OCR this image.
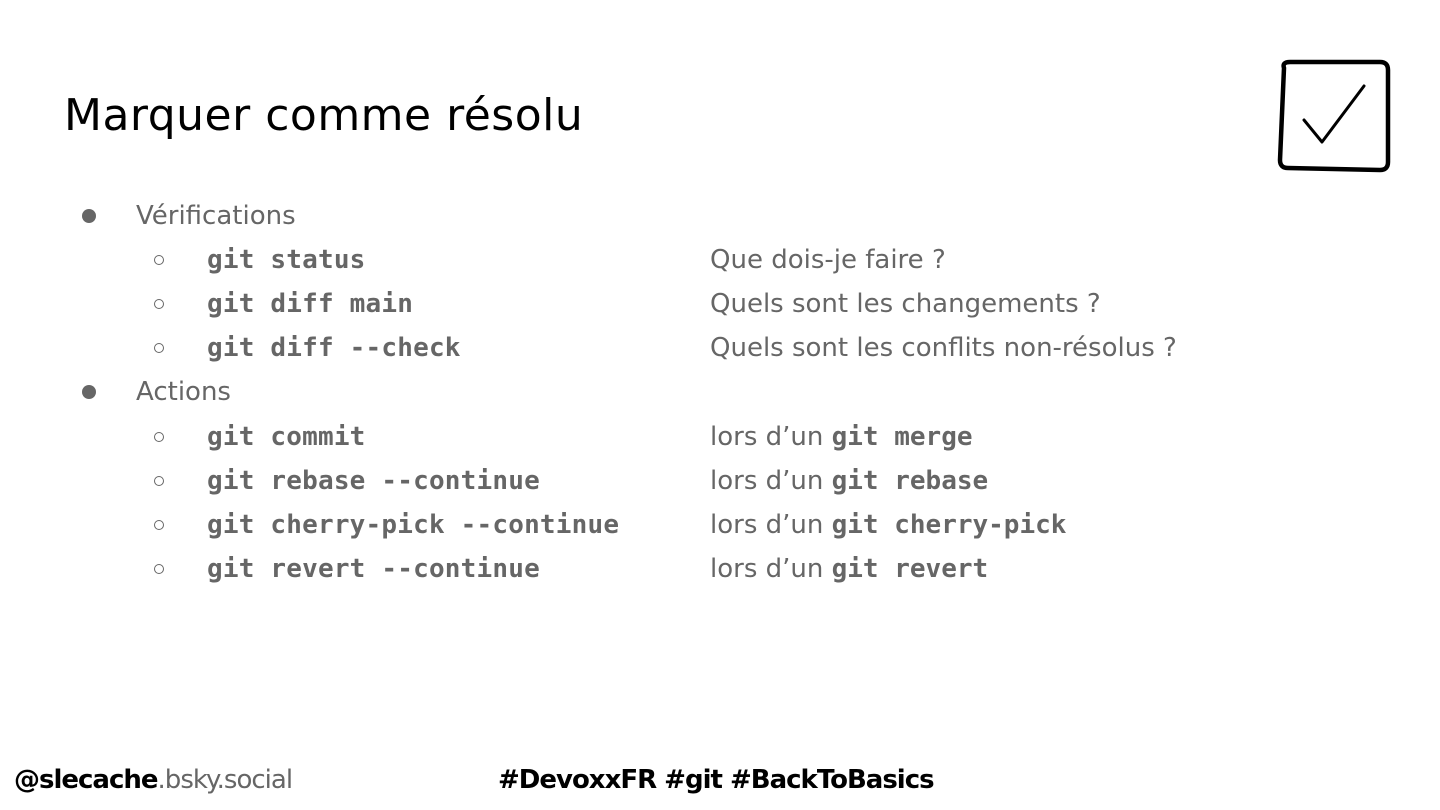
Marquer comme résolu
Vérifications
git status	Que dois-je faire ?
git diff main	Quels sont les changements ?
git diff --check	Quels sont les conflits non-résolus ?
Actions
git commit	lors d’un git merge
git rebase --continue	lors d’un git rebase
git cherry-pick --continue	lors d’un git cherry-pick
git revert --continue	lors d’un git revert
@slecache.bsky.social	#DevoxxFR #git #BackToBasics
